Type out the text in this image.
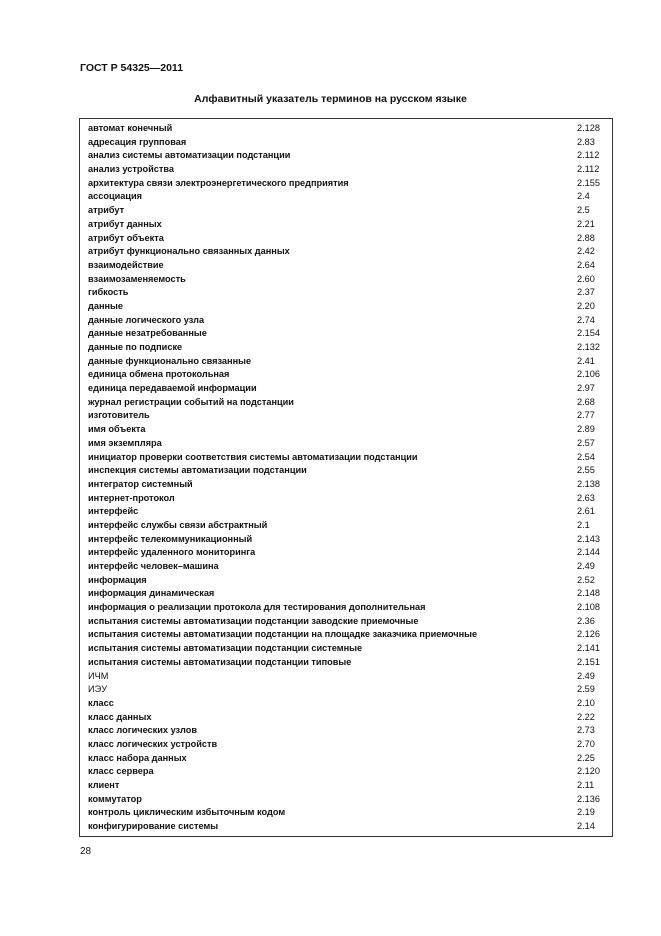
ГОСТ Р 54325—2011
Алфавитный указатель терминов на русском языке
автомат конечный	2.128
адресация групповая	2.83
анализ системы автоматизации подстанции	2.112
анализ устройства	2.112
архитектура связи электроэнергетического предприятия	2.155
ассоциация	2.4
атрибут	2.5
атрибут данных	2.21
атрибут объекта	2.88
атрибут функционально связанных данных	2.42
взаимодействие	2.64
взаимозаменяемость	2.60
гибкость	2.37
данные	2.20
данные логического узла	2.74
данные незатребованные	2.154
данные по подписке	2.132
данные функционально связанные	2.41
единица обмена протокольная	2.106
единица передаваемой информации	2.97
журнал регистрации событий на подстанции	2.68
изготовитель	2.77
имя объекта	2.89
имя экземпляра	2.57
инициатор проверки соответствия системы автоматизации подстанции	2.54
инспекция системы автоматизации подстанции	2.55
интегратор системный	2.138
интернет-протокол	2.63
интерфейс	2.61
интерфейс службы связи абстрактный	2.1
интерфейс телекоммуникационный	2.143
интерфейс удаленного мониторинга	2.144
интерфейс человек–машина	2.49
информация	2.52
информация динамическая	2.148
информация о реализации протокола для тестирования дополнительная	2.108
испытания системы автоматизации подстанции заводские приемочные	2.36
испытания системы автоматизации подстанции на площадке заказчика приемочные	2.126
испытания системы автоматизации подстанции системные	2.141
испытания системы автоматизации подстанции типовые	2.151
ИЧМ	2.49
ИЭУ	2.59
класс	2.10
класс данных	2.22
класс логических узлов	2.73
класс логических устройств	2.70
класс набора данных	2.25
класс сервера	2.120
клиент	2.11
коммутатор	2.136
контроль циклическим избыточным кодом	2.19
конфигурирование системы	2.14
28
